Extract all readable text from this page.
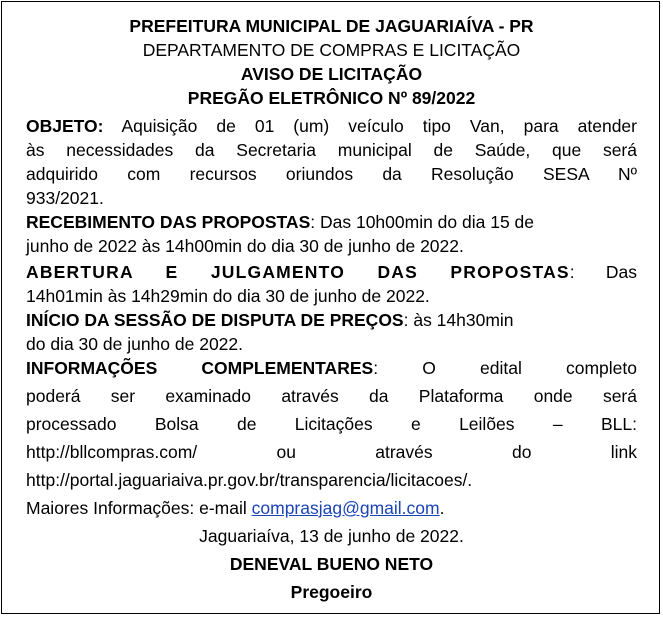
PREFEITURA MUNICIPAL DE JAGUARIAÍVA - PR
DEPARTAMENTO DE COMPRAS E LICITAÇÃO
AVISO DE LICITAÇÃO
PREGÃO ELETRÔNICO Nº 89/2022
OBJETO: Aquisição de 01 (um) veículo tipo Van, para atender
às necessidades da Secretaria municipal de Saúde, que será
adquirido com recursos oriundos da Resolução SESA Nº
933/2021.
RECEBIMENTO DAS PROPOSTAS: Das 10h00min do dia 15 de
junho de 2022 às 14h00min do dia 30 de junho de 2022.
ABERTURA E JULGAMENTO DAS PROPOSTAS: Das
14h01min às 14h29min do dia 30 de junho de 2022.
INÍCIO DA SESSÃO DE DISPUTA DE PREÇOS: às 14h30min
do dia 30 de junho de 2022.
INFORMAÇÕES COMPLEMENTARES: O edital completo
poderá ser examinado através da Plataforma onde será
processado Bolsa de Licitações e Leilões – BLL:
http://bllcompras.com/ ou através do link
http://portal.jaguariaiva.pr.gov.br/transparencia/licitacoes/.
Maiores Informações: e-mail comprasjag@gmail.com.
Jaguariaíva, 13 de junho de 2022.
DENEVAL BUENO NETO
Pregoeiro
